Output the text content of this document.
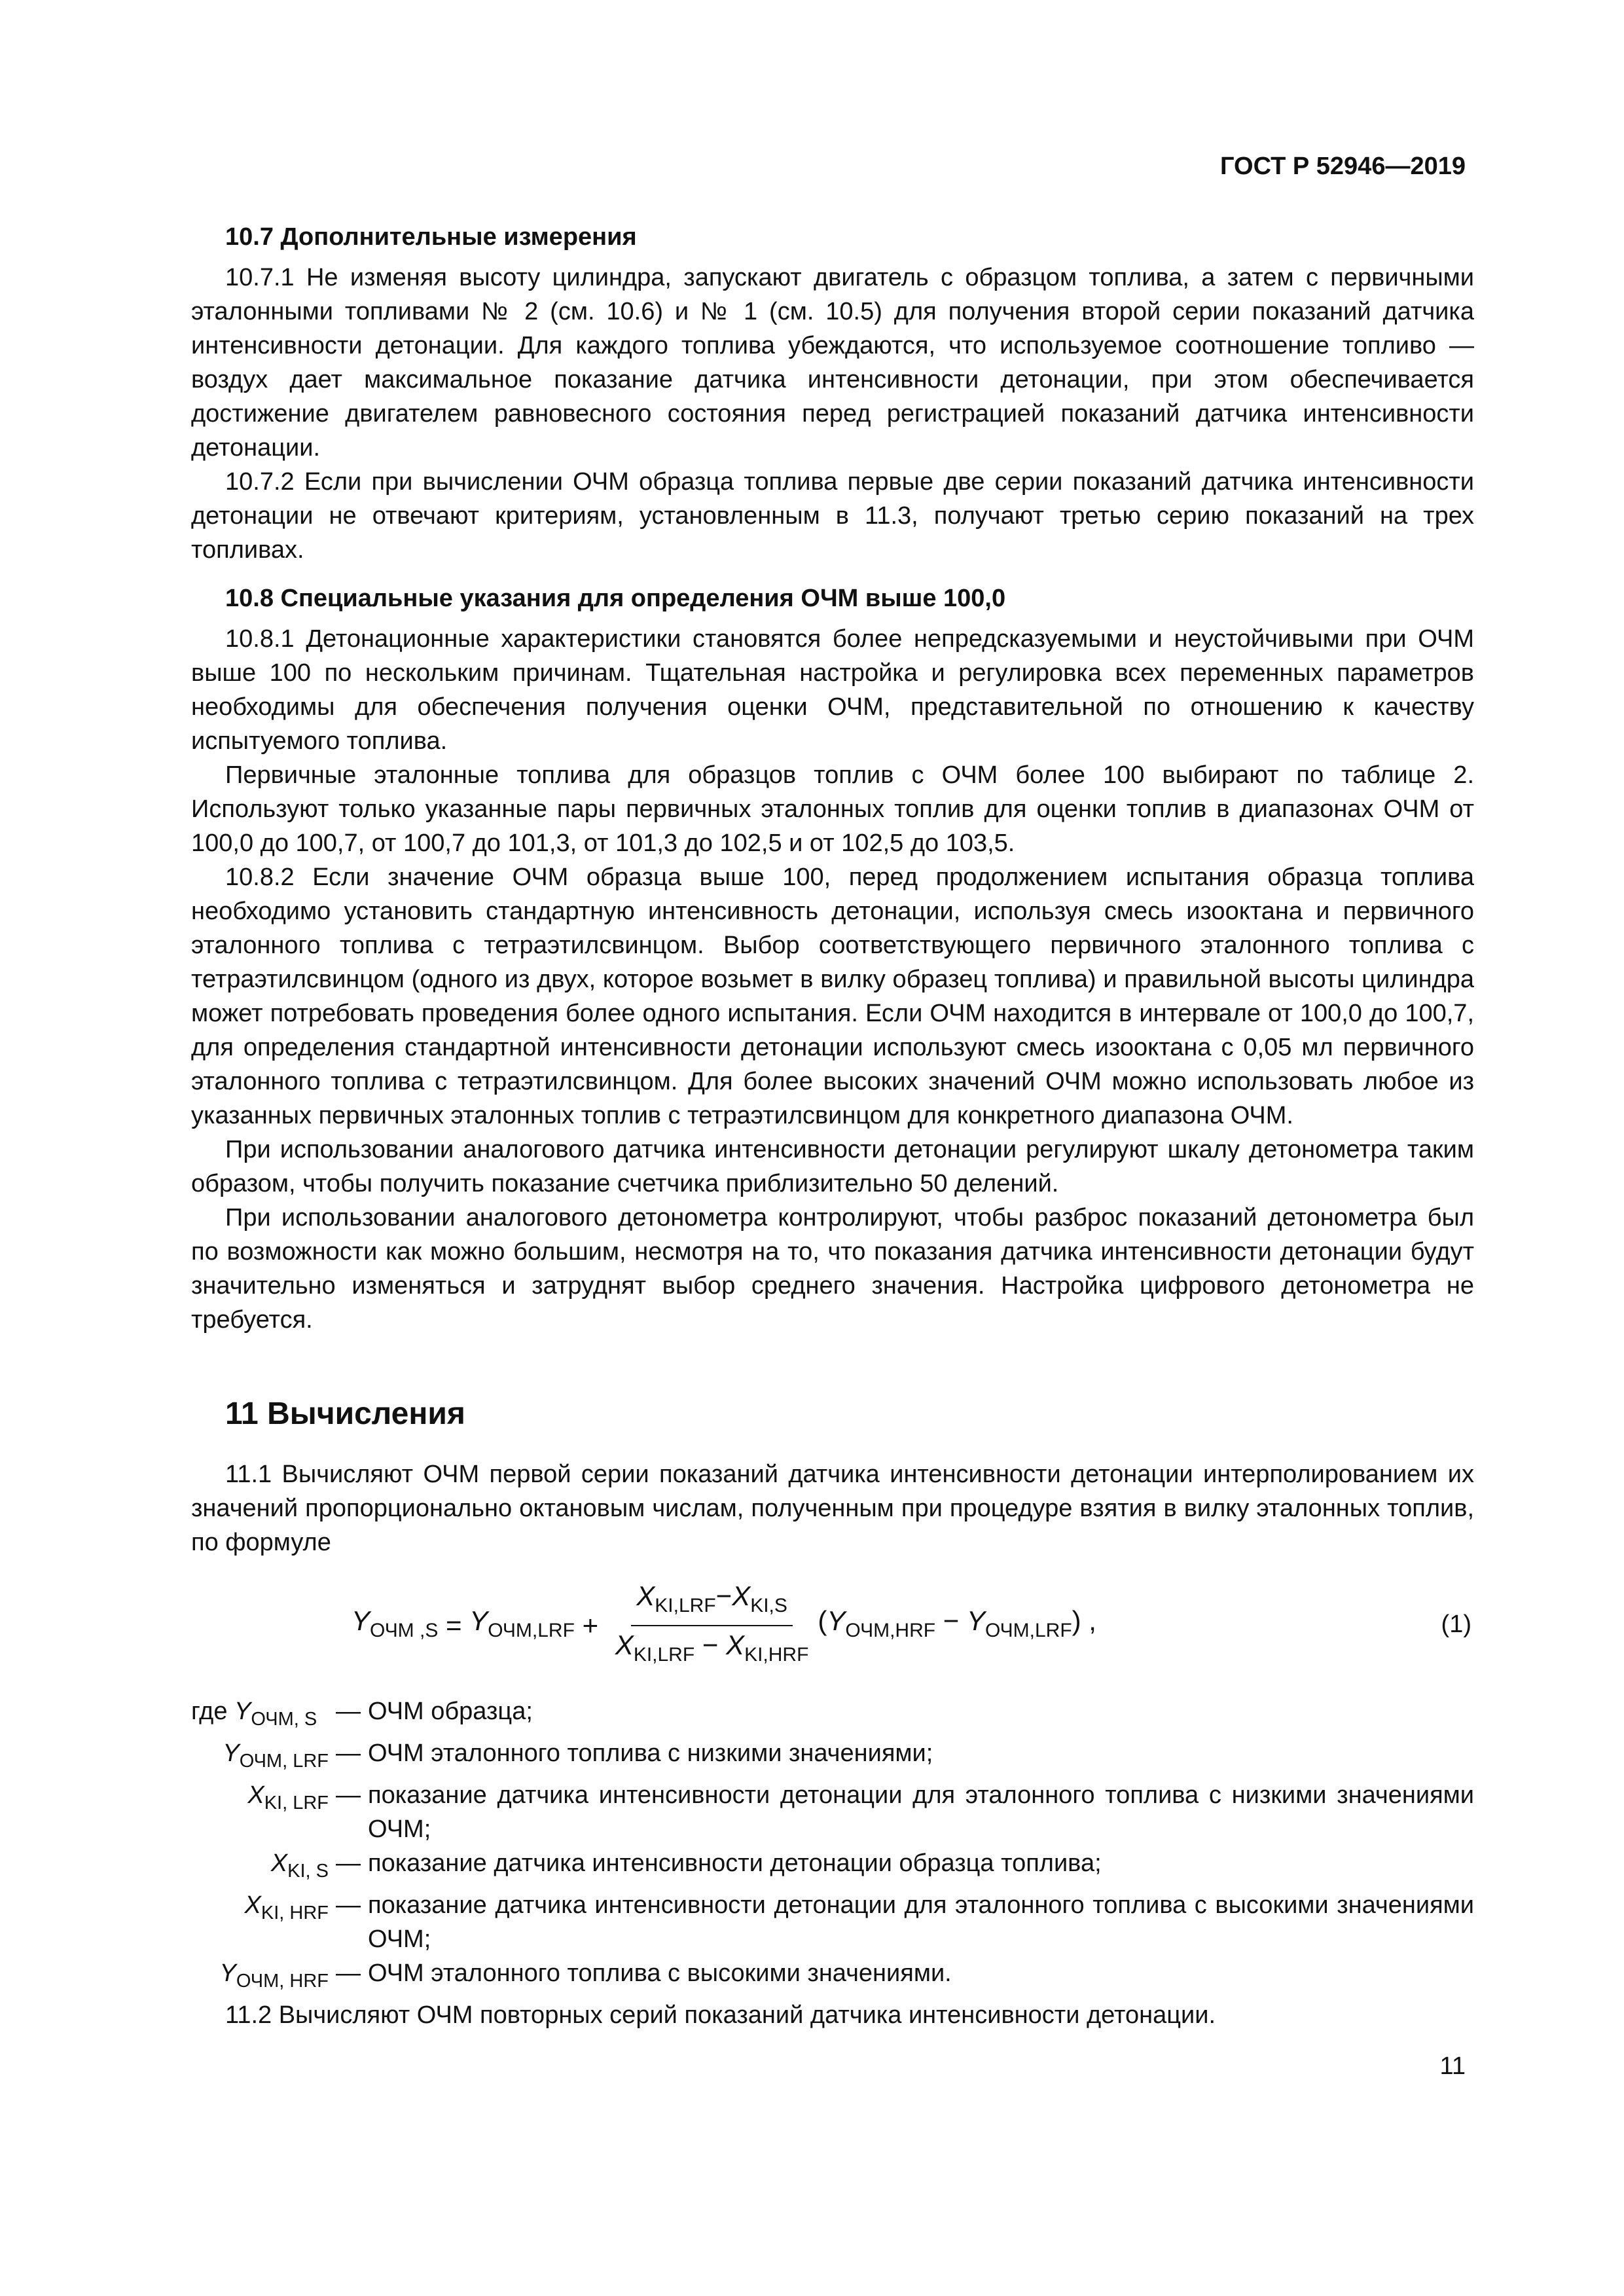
ГОСТ Р 52946—2019
10.7 Дополнительные измерения

10.7.1 Не изменяя высоту цилиндра, запускают двигатель с образцом топлива, а затем с первичными эталонными топливами № 2 (см. 10.6) и № 1 (см. 10.5) для получения второй серии показаний датчика интенсивности детонации. Для каждого топлива убеждаются, что используемое соотношение топливо — воздух дает максимальное показание датчика интенсивности детонации, при этом обеспечивается достижение двигателем равновесного состояния перед регистрацией показаний датчика интенсивности детонации.

10.7.2 Если при вычислении ОЧМ образца топлива первые две серии показаний датчика интенсивности детонации не отвечают критериям, установленным в 11.3, получают третью серию показаний на трех топливах.

10.8 Специальные указания для определения ОЧМ выше 100,0

10.8.1 Детонационные характеристики становятся более непредсказуемыми и неустойчивыми при ОЧМ выше 100 по нескольким причинам. Тщательная настройка и регулировка всех переменных параметров необходимы для обеспечения получения оценки ОЧМ, представительной по отношению к качеству испытуемого топлива.

Первичные эталонные топлива для образцов топлив с ОЧМ более 100 выбирают по таблице 2. Используют только указанные пары первичных эталонных топлив для оценки топлив в диапазонах ОЧМ от 100,0 до 100,7, от 100,7 до 101,3, от 101,3 до 102,5 и от 102,5 до 103,5.

10.8.2 Если значение ОЧМ образца выше 100, перед продолжением испытания образца топлива необходимо установить стандартную интенсивность детонации, используя смесь изооктана и первичного эталонного топлива с тетраэтилсвинцом. Выбор соответствующего первичного эталонного топлива с тетраэтилсвинцом (одного из двух, которое возьмет в вилку образец топлива) и правильной высоты цилиндра может потребовать проведения более одного испытания. Если ОЧМ находится в интервале от 100,0 до 100,7, для определения стандартной интенсивности детонации используют смесь изооктана с 0,05 мл первичного эталонного топлива с тетраэтилсвинцом. Для более высоких значений ОЧМ можно использовать любое из указанных первичных эталонных топлив с тетраэтилсвинцом для конкретного диапазона ОЧМ.

При использовании аналогового датчика интенсивности детонации регулируют шкалу детонометра таким образом, чтобы получить показание счетчика приблизительно 50 делений.

При использовании аналогового детонометра контролируют, чтобы разброс показаний детонометра был по возможности как можно большим, несмотря на то, что показания датчика интенсивности детонации будут значительно изменяться и затруднят выбор среднего значения. Настройка цифрового детонометра не требуется.

11 Вычисления

11.1 Вычисляют ОЧМ первой серии показаний датчика интенсивности детонации интерполированием их значений пропорционально октановым числам, полученным при процедуре взятия в вилку эталонных топлив, по формуле

$Y_{ОЧМ ,S} = Y_{ОЧМ,LRF} + \frac{X_{KI,LRF}-X_{KI,S}}{X_{KI,LRF} - X_{KI,HRF}} (Y_{ОЧМ,HRF} - Y_{ОЧМ,LRF})$ ,	(1)
где $Y_{ОЧМ, S}$ — ОЧМ образца;
$Y_{ОЧМ, LRF}$ — ОЧМ эталонного топлива с низкими значениями;
$X_{KI, LRF}$ — показание датчика интенсивности детонации для эталонного топлива с низкими значениями ОЧМ;
$X_{KI, S}$ — показание датчика интенсивности детонации образца топлива;
$X_{KI, HRF}$ — показание датчика интенсивности детонации для эталонного топлива с высокими значениями ОЧМ;
$Y_{ОЧМ, HRF}$ — ОЧМ эталонного топлива с высокими значениями.

11.2 Вычисляют ОЧМ повторных серий показаний датчика интенсивности детонации.

11
